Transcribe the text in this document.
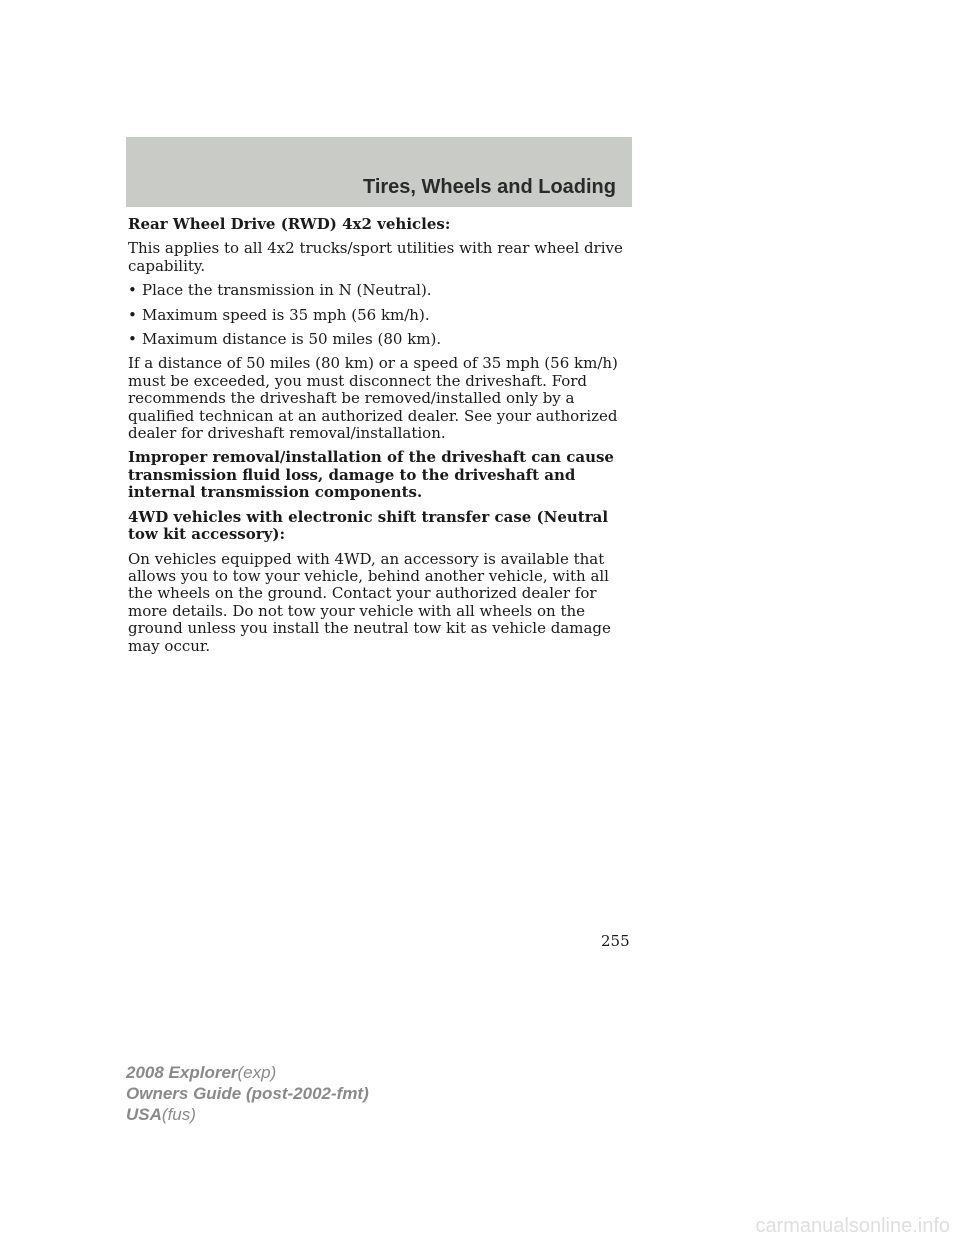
Tires, Wheels and Loading

Rear Wheel Drive (RWD) 4x2 vehicles:

This applies to all 4x2 trucks/sport utilities with rear wheel drive capability.

• Place the transmission in N (Neutral).
• Maximum speed is 35 mph (56 km/h).
• Maximum distance is 50 miles (80 km).

If a distance of 50 miles (80 km) or a speed of 35 mph (56 km/h) must be exceeded, you must disconnect the driveshaft. Ford recommends the driveshaft be removed/installed only by a qualified technican at an authorized dealer. See your authorized dealer for driveshaft removal/installation.

Improper removal/installation of the driveshaft can cause transmission fluid loss, damage to the driveshaft and internal transmission components.

4WD vehicles with electronic shift transfer case (Neutral tow kit accessory):

On vehicles equipped with 4WD, an accessory is available that allows you to tow your vehicle, behind another vehicle, with all the wheels on the ground. Contact your authorized dealer for more details. Do not tow your vehicle with all wheels on the ground unless you install the neutral tow kit as vehicle damage may occur.

255
2008 Explorer(exp)
Owners Guide (post-2002-fmt)
USA(fus)
carmanualsonline.info
